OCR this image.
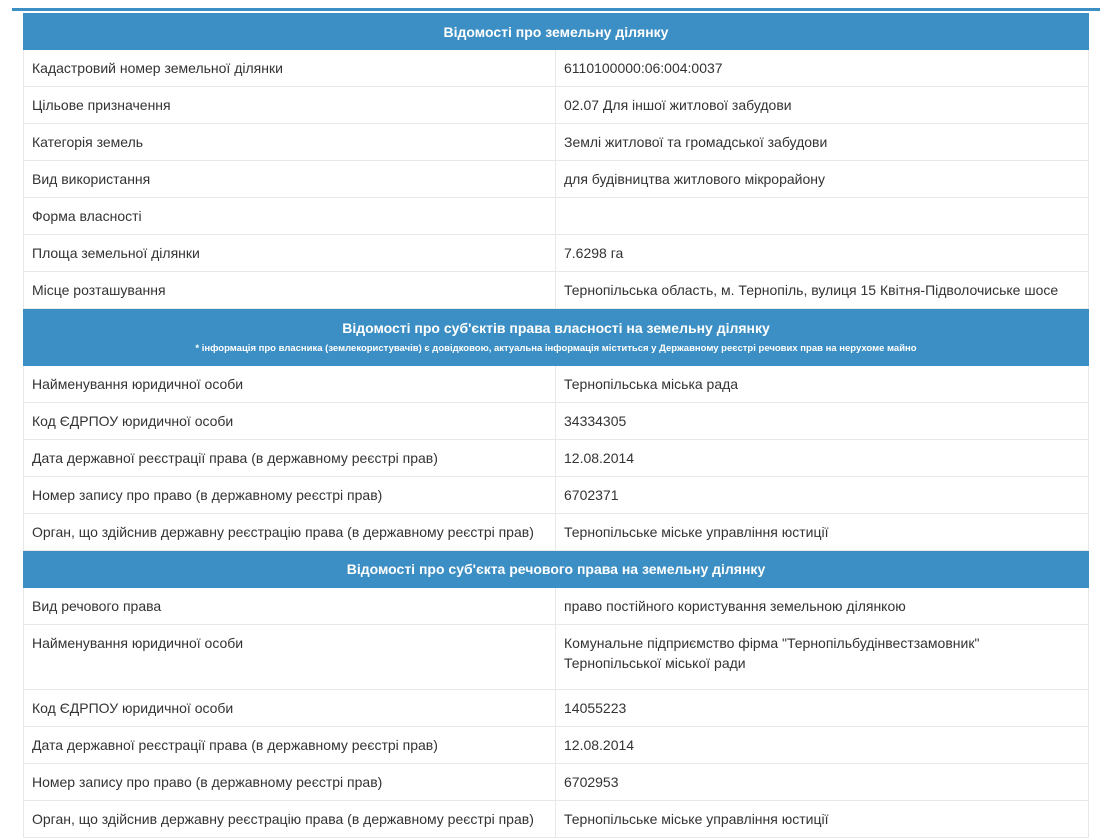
Відомості про земельну ділянку	
Кадастровий номер земельної ділянки	6110100000:06:004:0037
Цільове призначення	02.07 Для іншої житлової забудови
Категорія земель	Землі житлової та громадської забудови
Вид використання	для будівництва житлового мікрорайону
Форма власності	
Площа земельної ділянки	7.6298 га
Місце розташування	Тернопільська область, м. Тернопіль, вулиця 15 Квітня-Підволочиське шосе

Відомості про суб'єктів права власності на земельну ділянку
* інформація про власника (землекористувачів) є довідковою, актуальна інформація міститься у Державному реєстрі речових прав на нерухоме майно	

Найменування юридичної особи	Тернопільська міська рада
Код ЄДРПОУ юридичної особи	34334305
Дата державної реєстрації права (в державному реєстрі прав)	12.08.2014
Номер запису про право (в державному реєстрі прав)	6702371
Орган, що здійснив державну реєстрацію права (в державному реєстрі прав)	Тернопільське міське управління юстиції
Відомості про суб'єкта речового права на земельну ділянку	
Вид речового права	право постійного користування земельною ділянкою
Найменування юридичної особи	Комунальне підприємство фірма "Тернопільбудінвестзамовник"
Тернопільської міської ради

Код ЄДРПОУ юридичної особи	14055223
Дата державної реєстрації права (в державному реєстрі прав)	12.08.2014
Номер запису про право (в державному реєстрі прав)	6702953
Орган, що здійснив державну реєстрацію права (в державному реєстрі прав)	Тернопільське міське управління юстиції
